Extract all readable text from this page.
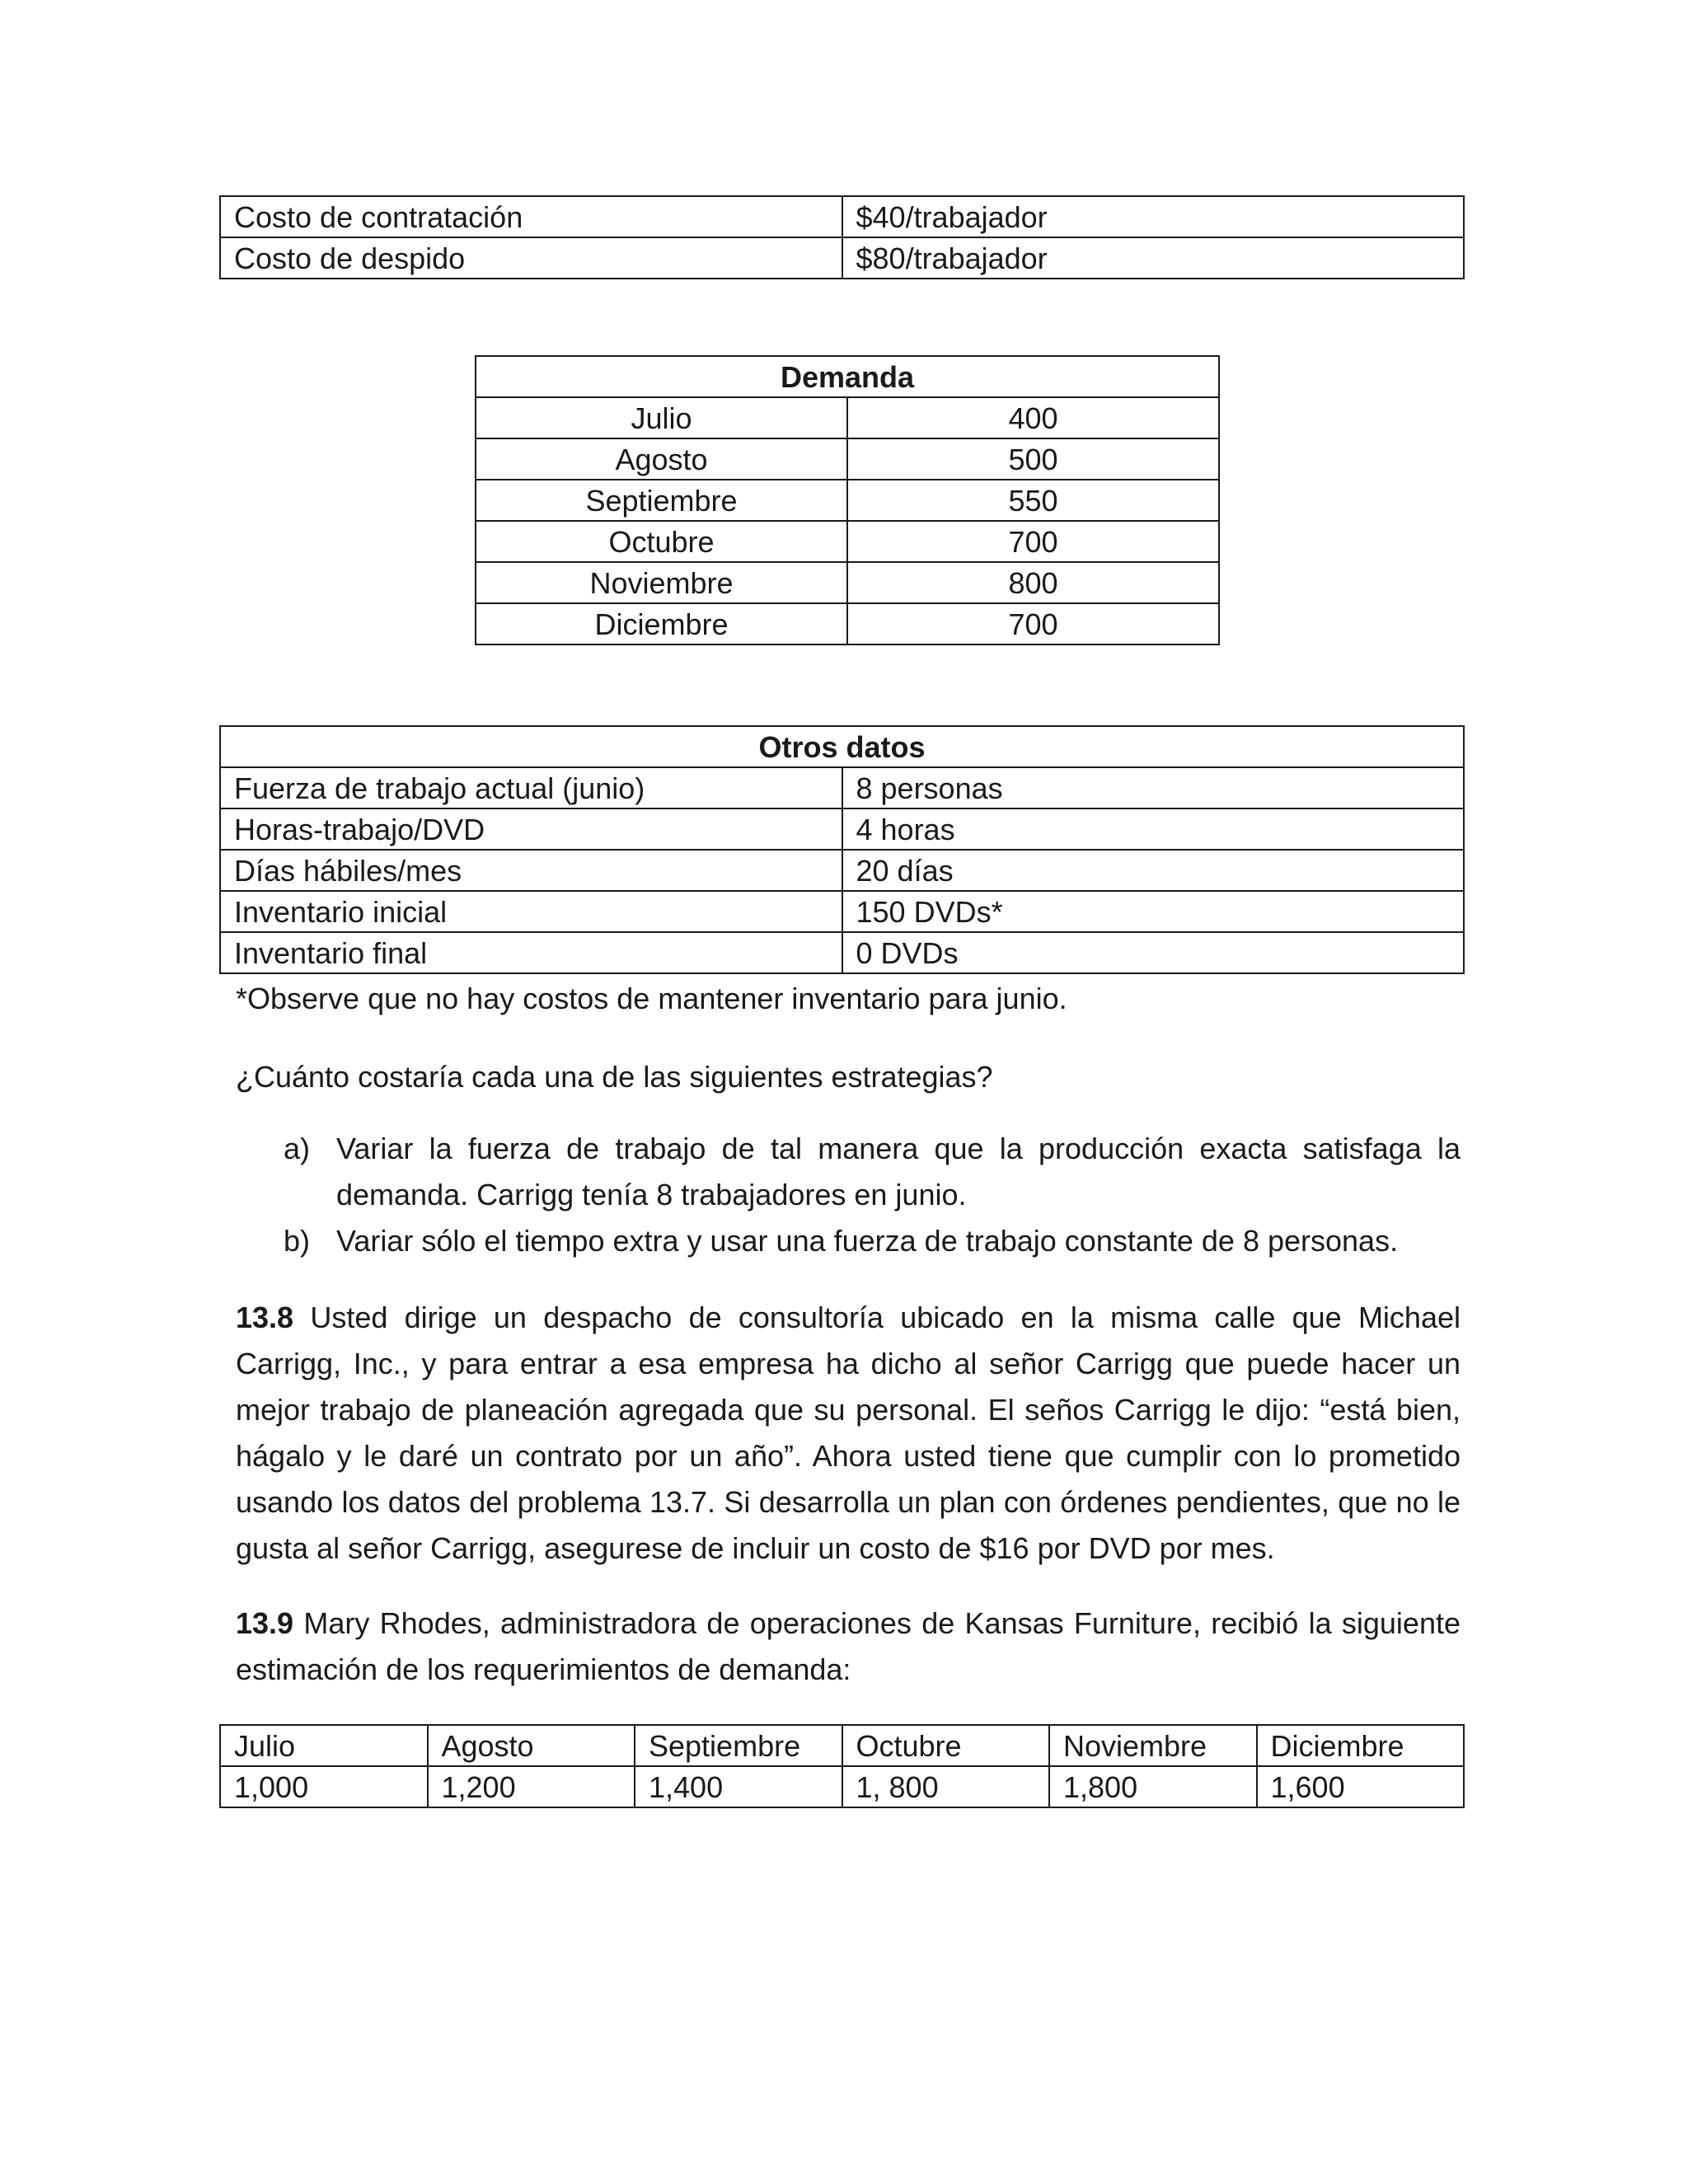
Costo de contratación	$40/trabajador
Costo de despido	$80/trabajador
Demanda	
Julio	400
Agosto	500
Septiembre	550
Octubre	700
Noviembre	800
Diciembre	700
Otros datos	
Fuerza de trabajo actual (junio)	8 personas
Horas-trabajo/DVD	4 horas
Días hábiles/mes	20 días
Inventario inicial	150 DVDs*
Inventario final	0 DVDs
*Observe que no hay costos de mantener inventario para junio.
¿Cuánto costaría cada una de las siguientes estrategias?
a) Variar la fuerza de trabajo de tal manera que la producción exacta satisfaga la demanda. Carrigg tenía 8 trabajadores en junio.
b) Variar sólo el tiempo extra y usar una fuerza de trabajo constante de 8 personas.
13.8 Usted dirige un despacho de consultoría ubicado en la misma calle que Michael Carrigg, Inc., y para entrar a esa empresa ha dicho al señor Carrigg que puede hacer un mejor trabajo de planeación agregada que su personal. El seños Carrigg le dijo: “está bien, hágalo y le daré un contrato por un año”. Ahora usted tiene que cumplir con lo prometido usando los datos del problema 13.7. Si desarrolla un plan con órdenes pendientes, que no le gusta al señor Carrigg, asegurese de incluir un costo de $16 por DVD por mes.
13.9 Mary Rhodes, administradora de operaciones de Kansas Furniture, recibió la siguiente estimación de los requerimientos de demanda:
Julio	Agosto	Septiembre	Octubre	Noviembre	Diciembre
1,000	1,200	1,400	1, 800	1,800	1,600
